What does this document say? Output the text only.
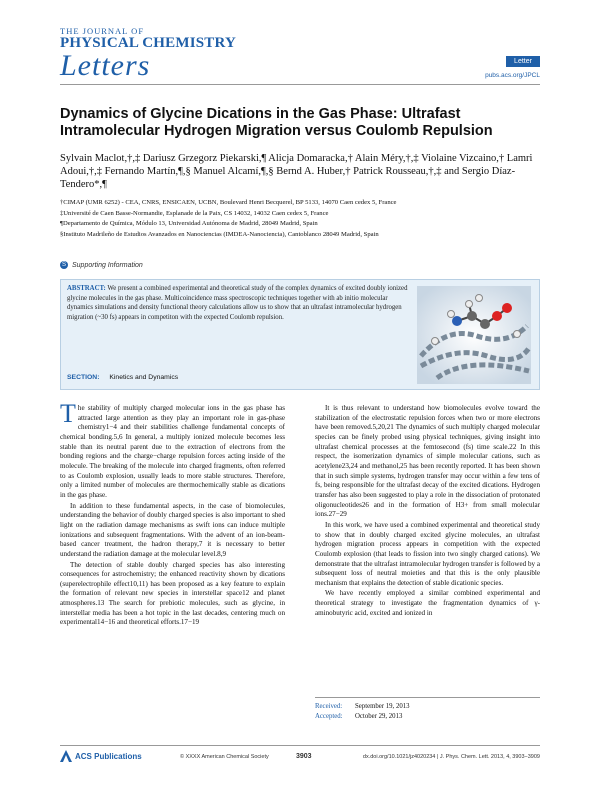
THE JOURNAL OF
PHYSICAL CHEMISTRY
Letters	Letter
pubs.acs.org/JPCL
Dynamics of Glycine Dications in the Gas Phase: Ultrafast Intramolecular Hydrogen Migration versus Coulomb Repulsion
Sylvain Maclot,†,‡ Dariusz Grzegorz Piekarski,¶ Alicja Domaracka,† Alain Méry,†,‡ Violaine Vizcaino,† Lamri Adoui,†,‡ Fernando Martín,¶,§ Manuel Alcamí,¶,§ Bernd A. Huber,† Patrick Rousseau,†,‡ and Sergio Díaz-Tendero*,¶
†CIMAP (UMR 6252) - CEA, CNRS, ENSICAEN, UCBN, Boulevard Henri Becquerel, BP 5133, 14070 Caen cedex 5, France
‡Université de Caen Basse-Normandie, Esplanade de la Paix, CS 14032, 14032 Caen cedex 5, France
¶Departamento de Química, Módulo 13, Universidad Autónoma de Madrid, 28049 Madrid, Spain
§Instituto Madrileño de Estudios Avanzados en Nanociencias (IMDEA-Nanociencia), Cantoblanco 28049 Madrid, Spain
S Supporting Information
ABSTRACT: We present a combined experimental and theoretical study of the complex dynamics of excited doubly ionized glycine molecules in the gas phase. Multicoincidence mass spectroscopic techniques together with ab initio molecular dynamics simulations and density functional theory calculations allow us to show that an ultrafast intramolecular hydrogen migration (~30 fs) appears in competiton with the expected Coulomb repulsion.
SECTION: Kinetics and Dynamics

The stability of multiply charged molecular ions in the gas phase has attracted large attention as they play an important role in gas-phase chemistry1−4 and their stabilities challenge fundamental concepts of chemical bonding.5,6 In general, a multiply ionized molecule becomes less stable than its neutral parent due to the extraction of electrons from the bonding regions and the charge−charge repulsion forces acting inside of the molecule. The breaking of the molecule into charged fragments, often referred to as Coulomb explosion, usually leads to more stable structures. Therefore, only a limited number of molecules are thermochemically stable as dications in the gas phase.

In addition to these fundamental aspects, in the case of biomolecules, understanding the behavior of doubly charged species is also important to shed light on the radiation damage mechanisms as swift ions can induce multiple ionizations and subsequent fragmentations. With the advent of an ion-beam-based cancer treatment, the hadron therapy,7 it is necessary to better understand the radiation damage at the molecular level.8,9

The detection of stable doubly charged species has also interesting consequences for astrochemistry; the enhanced reactivity shown by dications (superelectrophile effect10,11) has been proposed as a key feature to explain the formation of relevant new species in interstellar space12 and planet atmospheres.13 The search for prebiotic molecules, such as glycine, in interstellar media has been a hot topic in the last decades, centering much on experimental14−16 and theoretical efforts.17−19

It is thus relevant to understand how biomolecules evolve toward the stabilization of the electrostatic repulsion forces when two or more electrons have been removed.5,20,21 The dynamics of such multiply charged molecular species can be finely probed using physical techniques, giving insight into ultrafast chemical processes at the femtosecond (fs) time scale.22 In this respect, the isomerization dynamics of simple molecular cations, such as acetylene23,24 and methanol,25 has been recently reported. It has been shown that in such simple systems, hydrogen transfer may occur within a few tens of fs, being responsible for the ultrafast decay of the excited dications. Hydrogen transfer has also been suggested to play a role in the dissociation of protonated oligonucleotides26 and in the formation of H3+ from small molecular ions.27−29

In this work, we have used a combined experimental and theoretical study to show that in doubly charged excited glycine molecules, an ultrafast hydrogen migration process appears in competition with the expected Coulomb explosion (that leads to fission into two singly charged cations). We demonstrate that the ultrafast intramolecular hydrogen transfer is followed by a subsequent loss of neutral moieties and that this is the only plausible mechanism that explains the detection of stable dicationic species.

We have recently employed a similar combined experimental and theoretical strategy to investigate the fragmentation dynamics of γ-aminobutyric acid, excited and ionized in

Received: September 19, 2013
Accepted: October 29, 2013
ACS Publications	© XXXX American Chemical Society	3903	dx.doi.org/10.1021/jz4020234 | J. Phys. Chem. Lett. 2013, 4, 3903−3909
